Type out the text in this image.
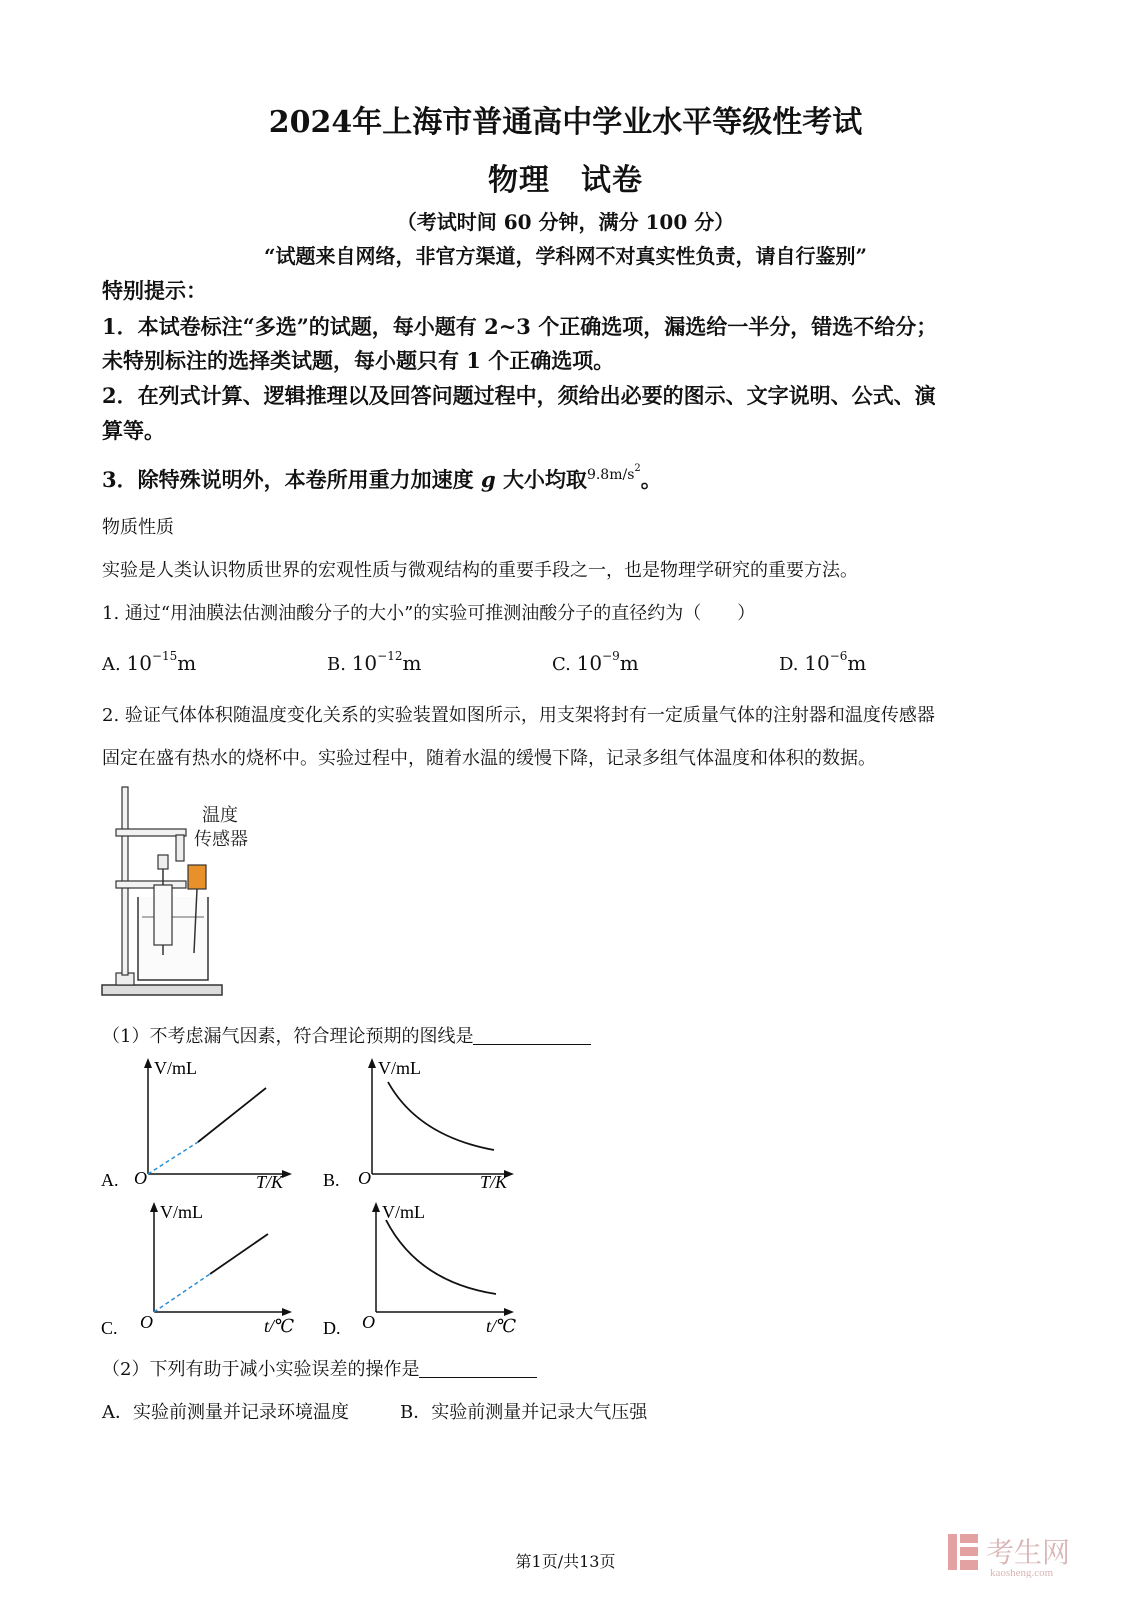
2024年上海市普通高中学业水平等级性考试
物理　试卷
（考试时间 60 分钟，满分 100 分）
“试题来自网络，非官方渠道，学科网不对真实性负责，请自行鉴别”
特别提示：
1．本试卷标注“多选”的试题，每小题有 2~3 个正确选项，漏选给一半分，错选不给分；
未特别标注的选择类试题，每小题只有 1 个正确选项。
2．在列式计算、逻辑推理以及回答问题过程中，须给出必要的图示、文字说明、公式、演
算等。
3．除特殊说明外，本卷所用重力加速度 g 大小均取$^{9.8m/s2}$。
物质性质
实验是人类认识物质世界的宏观性质与微观结构的重要手段之一，也是物理学研究的重要方法。
1. 通过“用油膜法估测油酸分子的大小”的实验可推测油酸分子的直径约为（　　）
A. $10^{-15}m$	B. $10^{-12}m$	C. $10^{-9}m$	D. $10^{-6}m$
2. 验证气体体积随温度变化关系的实验装置如图所示，用支架将封有一定质量气体的注射器和温度传感器
固定在盛有热水的烧杯中。实验过程中，随着水温的缓慢下降，记录多组气体温度和体积的数据。
温度
传感器
（1）不考虑漏气因素，符合理论预期的图线是
A.
V/mL
T/K
O	B.
V/mL
T/K
O
C.
V/mL
t/℃
O	D.
V/mL
t/℃
O
（2）下列有助于减小实验误差的操作是
A．实验前测量并记录环境温度	B．实验前测量并记录大气压强
第1页/共13页	考生网
kaosheng.com
